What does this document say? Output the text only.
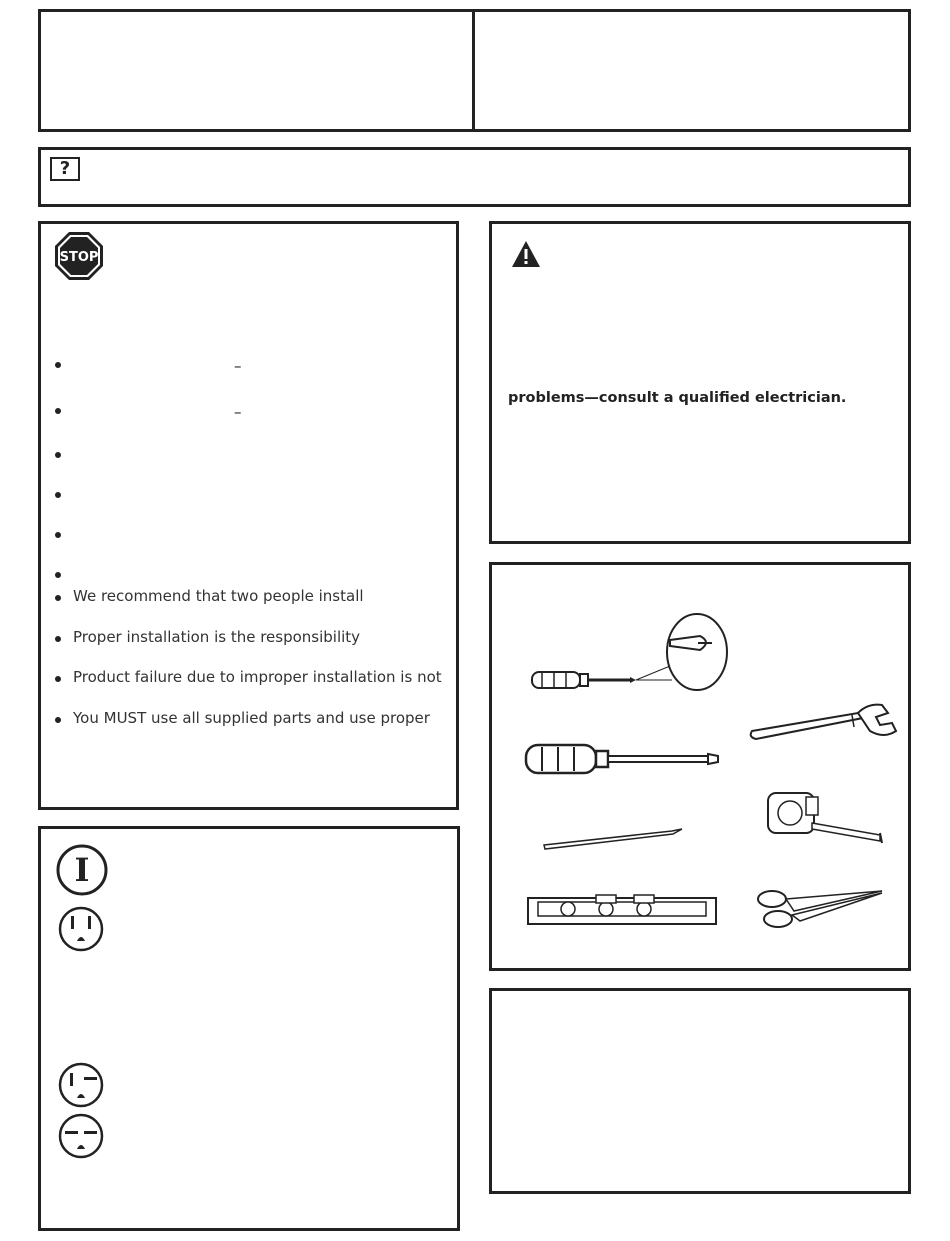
?
STOP
–
–
We recommend that two people install
Proper installation is the responsibility
Product failure due to improper installation is not
You MUST use all supplied parts and use proper
problems—consult a qualified electrician.
I
